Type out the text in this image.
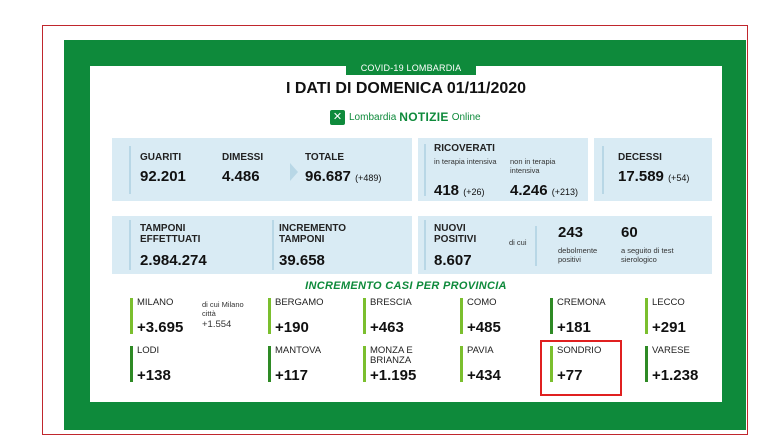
COVID-19 LOMBARDIA
I DATI DI DOMENICA 01/11/2020
✕ Lombardia NOTIZIE Online
GUARITI
92.201
DIMESSI
4.486
TOTALE
96.687 (+489)
RICOVERATI
in terapia intensiva
418 (+26)
non in terapia intensiva
4.246 (+213)
DECESSI
17.589 (+54)
TAMPONI EFFETTUATI
2.984.274
INCREMENTO TAMPONI
39.658
NUOVI POSITIVI
8.607
di cui
243
debolmente positivi
60
a seguito di test sierologico
INCREMENTO CASI PER PROVINCIA
MILANO	di cui Milano città
+1.554
+3.695
BERGAMO
+190
BRESCIA
+463
COMO
+485
CREMONA
+181
LECCO
+291
LODI
+138
MANTOVA
+117
MONZA E BRIANZA
+1.195
PAVIA
+434
SONDRIO
+77
VARESE
+1.238
